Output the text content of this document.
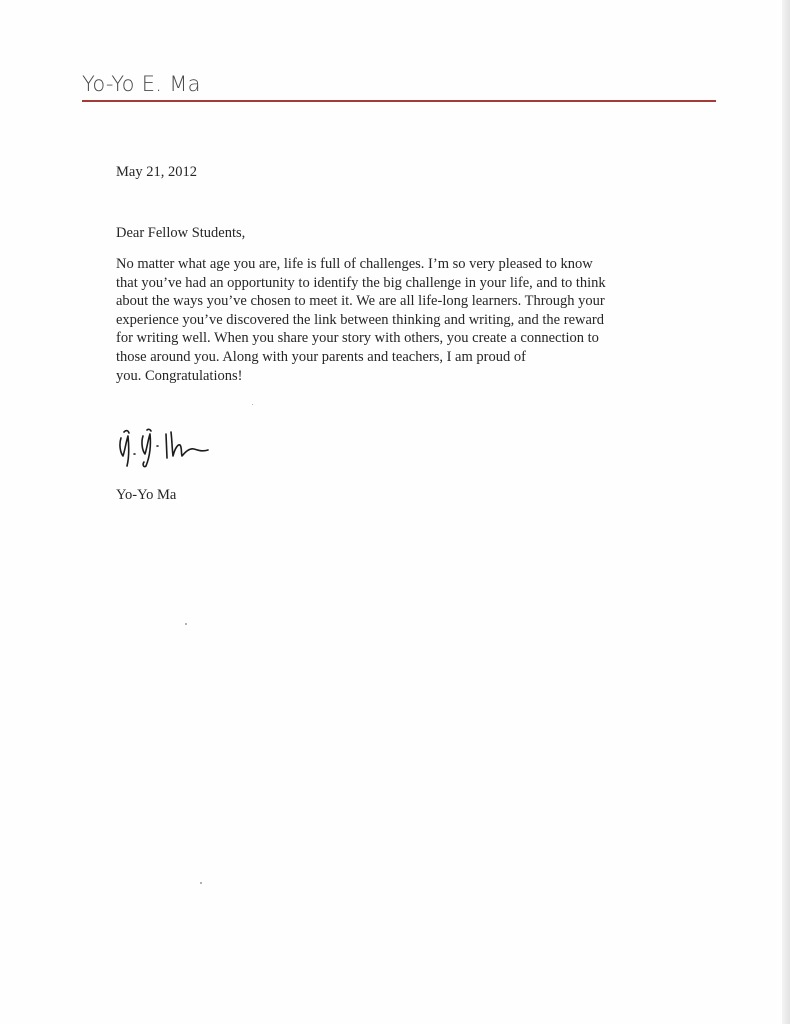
Yo-Yo E. Ma
May 21, 2012
Dear Fellow Students,
No matter what age you are, life is full of challenges. I’m so very pleased to know
that you’ve had an opportunity to identify the big challenge in your life, and to think
about the ways you’ve chosen to meet it. We are all life-long learners. Through your
experience you’ve discovered the link between thinking and writing, and the reward
for writing well. When you share your story with others, you create a connection to
those around you. Along with your parents and teachers, I am proud of
you. Congratulations!
Yo-Yo Ma
